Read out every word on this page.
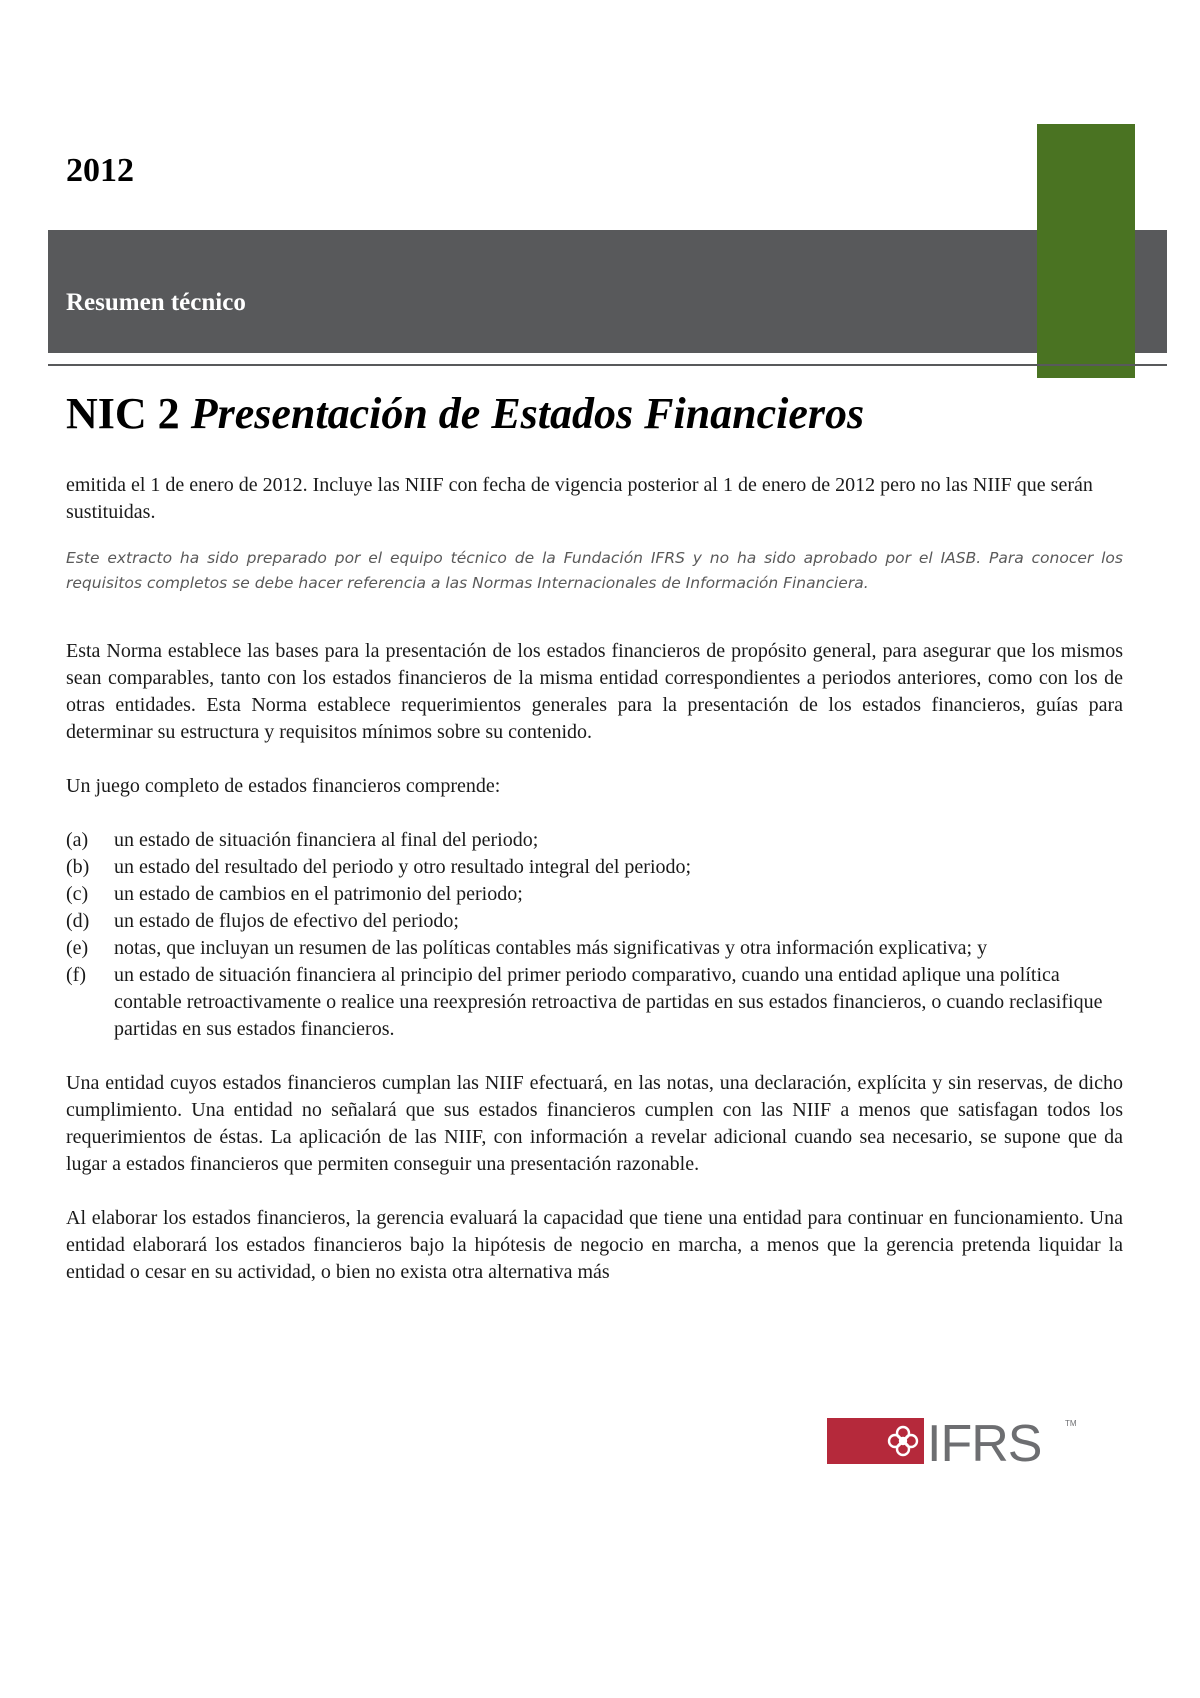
2012
Resumen técnico
NIC 2 Presentación de Estados Financieros
emitida el 1 de enero de 2012. Incluye las NIIF con fecha de vigencia posterior al 1 de enero de 2012 pero no las NIIF que serán sustituidas.
Este extracto ha sido preparado por el equipo técnico de la Fundación IFRS y no ha sido aprobado por el IASB. Para conocer los requisitos completos se debe hacer referencia a las Normas Internacionales de Información Financiera.

Esta Norma establece las bases para la presentación de los estados financieros de propósito general, para asegurar que los mismos sean comparables, tanto con los estados financieros de la misma entidad correspondientes a periodos anteriores, como con los de otras entidades. Esta Norma establece requerimientos generales para la presentación de los estados financieros, guías para determinar su estructura y requisitos mínimos sobre su contenido.

Un juego completo de estados financieros comprende:

(a)	un estado de situación financiera al final del periodo;
(b)	un estado del resultado del periodo y otro resultado integral del periodo;
(c)	un estado de cambios en el patrimonio del periodo;
(d)	un estado de flujos de efectivo del periodo;
(e)	notas, que incluyan un resumen de las políticas contables más significativas y otra información explicativa; y
(f)	un estado de situación financiera al principio del primer periodo comparativo, cuando una entidad aplique una política contable retroactivamente o realice una reexpresión retroactiva de partidas en sus estados financieros, o cuando reclasifique partidas en sus estados financieros.

Una entidad cuyos estados financieros cumplan las NIIF efectuará, en las notas, una declaración, explícita y sin reservas, de dicho cumplimiento. Una entidad no señalará que sus estados financieros cumplen con las NIIF a menos que satisfagan todos los requerimientos de éstas. La aplicación de las NIIF, con información a revelar adicional cuando sea necesario, se supone que da lugar a estados financieros que permiten conseguir una presentación razonable.

Al elaborar los estados financieros, la gerencia evaluará la capacidad que tiene una entidad para continuar en funcionamiento. Una entidad elaborará los estados financieros bajo la hipótesis de negocio en marcha, a menos que la gerencia pretenda liquidar la entidad o cesar en su actividad, o bien no exista otra alternativa más

IFRS	TM
